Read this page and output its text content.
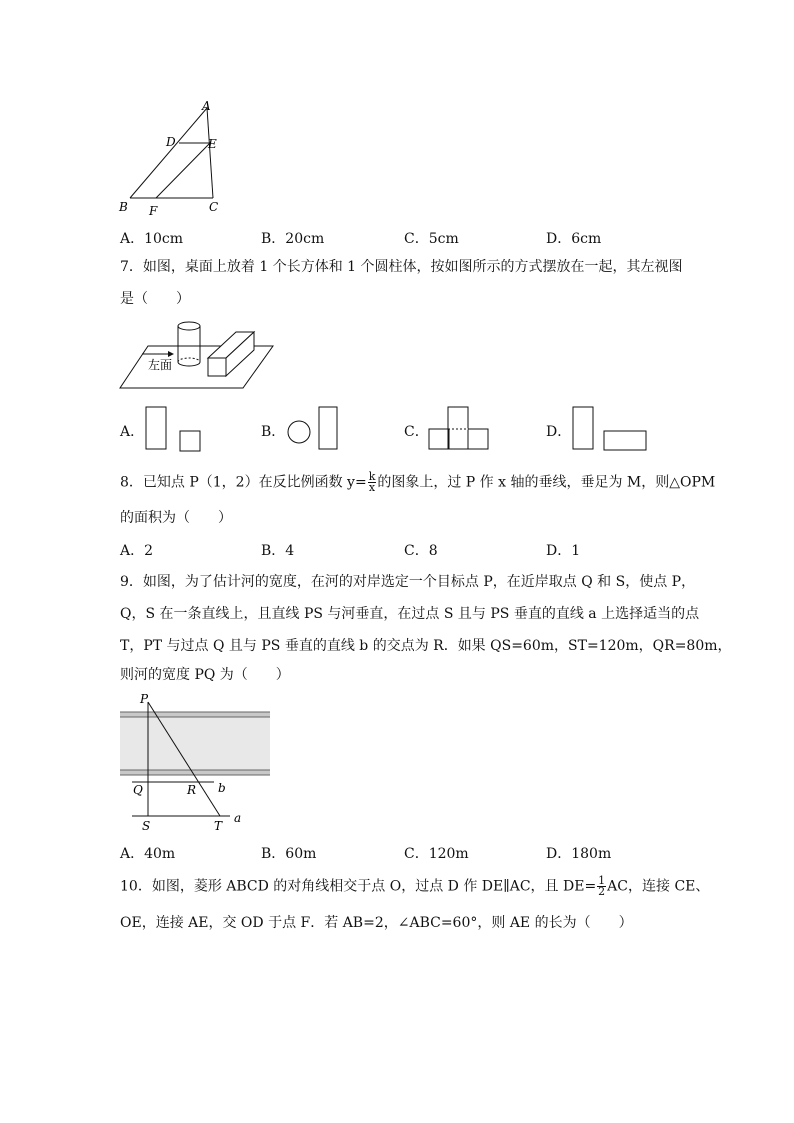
A
D	E
B F	C
A．10cm	B．20cm	C．5cm	D．6cm
7．如图，桌面上放着 1 个长方体和 1 个圆柱体，按如图所示的方式摆放在一起，其左视图
是（　　）
左面
A．	B．	C．	D．
8．已知点 P（1，2）在反比例函数 $y= \frac{k}{x}$ 的图象上，过 P 作 x 轴的垂线，垂足为 M，则△OPM
的面积为（　　）
A．2	B．4	C．8	D．1
9．如图，为了估计河的宽度，在河的对岸选定一个目标点 P，在近岸取点 Q 和 S，使点 P，
Q，S 在一条直线上，且直线 PS 与河垂直，在过点 S 且与 PS 垂直的直线 a 上选择适当的点
T，PT 与过点 Q 且与 PS 垂直的直线 b 的交点为 R．如果 QS=60m，ST=120m，QR=80m，
则河的宽度 PQ 为（　　）
P
Q	R b
S	T
a
A．40m	B．60m	C．120m	D．180m
10．如图，菱形 ABCD 的对角线相交于点 O，过点 D 作 DE∥AC，且 $DE= \frac{1}{2}$ AC，连接 CE、
OE，连接 AE，交 OD 于点 F．若 AB=2，∠ABC=60°，则 AE 的长为（　　）
